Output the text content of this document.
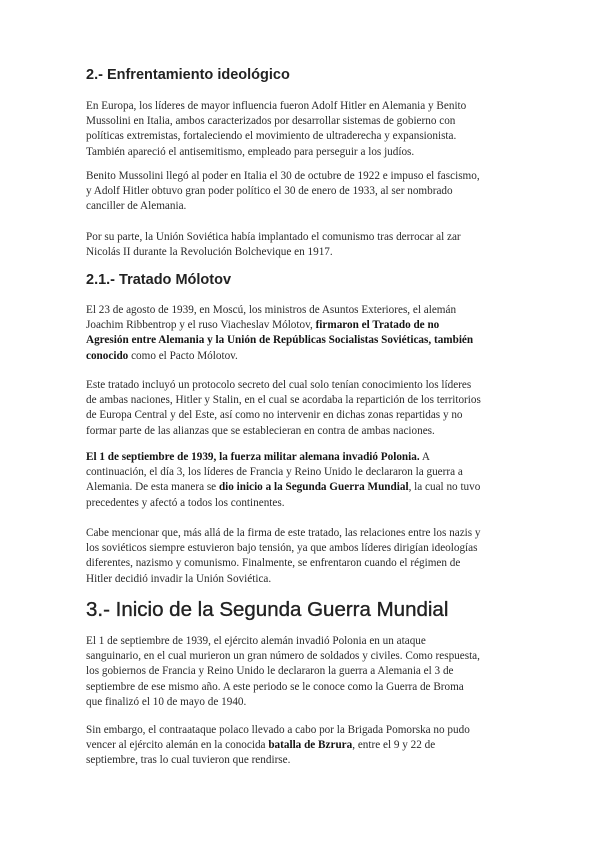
2.- Enfrentamiento ideológico

En Europa, los líderes de mayor influencia fueron Adolf Hitler en Alemania y Benito
Mussolini en Italia, ambos caracterizados por desarrollar sistemas de gobierno con
políticas extremistas, fortaleciendo el movimiento de ultraderecha y expansionista.
También apareció el antisemitismo, empleado para perseguir a los judíos.

Benito Mussolini llegó al poder en Italia el 30 de octubre de 1922 e impuso el fascismo,
y Adolf Hitler obtuvo gran poder político el 30 de enero de 1933, al ser nombrado
canciller de Alemania.

Por su parte, la Unión Soviética había implantado el comunismo tras derrocar al zar
Nicolás II durante la Revolución Bolchevique en 1917.

2.1.- Tratado Mólotov

El 23 de agosto de 1939, en Moscú, los ministros de Asuntos Exteriores, el alemán
Joachim Ribbentrop y el ruso Viacheslav Mólotov, firmaron el Tratado de no
Agresión entre Alemania y la Unión de Repúblicas Socialistas Soviéticas, también
conocido como el Pacto Mólotov.

Este tratado incluyó un protocolo secreto del cual solo tenían conocimiento los líderes
de ambas naciones, Hitler y Stalin, en el cual se acordaba la repartición de los territorios
de Europa Central y del Este, así como no intervenir en dichas zonas repartidas y no
formar parte de las alianzas que se establecieran en contra de ambas naciones.

El 1 de septiembre de 1939, la fuerza militar alemana invadió Polonia. A
continuación, el día 3, los líderes de Francia y Reino Unido le declararon la guerra a
Alemania. De esta manera se dio inicio a la Segunda Guerra Mundial, la cual no tuvo
precedentes y afectó a todos los continentes.

Cabe mencionar que, más allá de la firma de este tratado, las relaciones entre los nazis y
los soviéticos siempre estuvieron bajo tensión, ya que ambos líderes dirigían ideologías
diferentes, nazismo y comunismo. Finalmente, se enfrentaron cuando el régimen de
Hitler decidió invadir la Unión Soviética.

3.- Inicio de la Segunda Guerra Mundial

El 1 de septiembre de 1939, el ejército alemán invadió Polonia en un ataque
sanguinario, en el cual murieron un gran número de soldados y civiles. Como respuesta,
los gobiernos de Francia y Reino Unido le declararon la guerra a Alemania el 3 de
septiembre de ese mismo año. A este periodo se le conoce como la Guerra de Broma
que finalizó el 10 de mayo de 1940.

Sin embargo, el contraataque polaco llevado a cabo por la Brigada Pomorska no pudo
vencer al ejército alemán en la conocida batalla de Bzrura, entre el 9 y 22 de
septiembre, tras lo cual tuvieron que rendirse.
